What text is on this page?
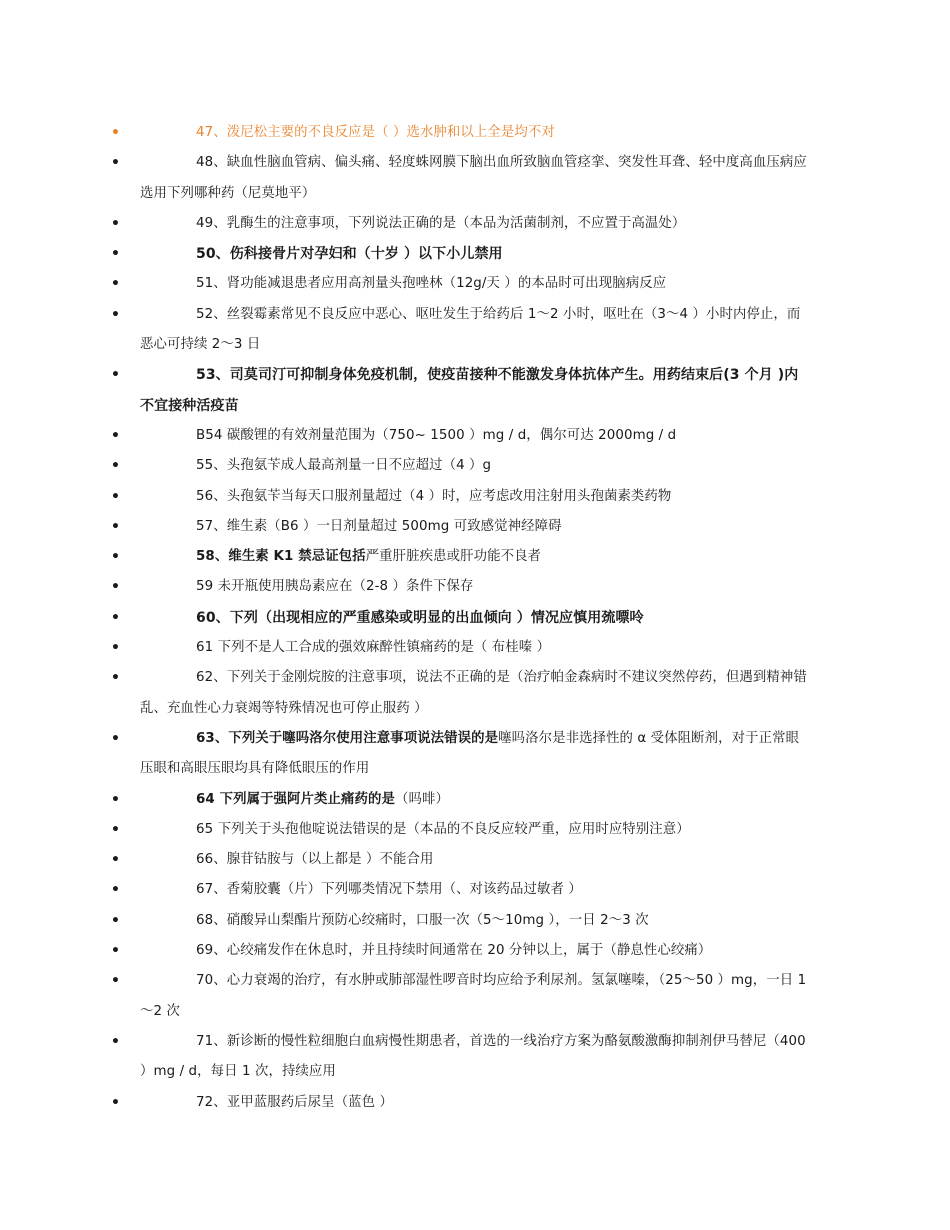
•	47、泼尼松主要的不良反应是（ ）选水肿和以上全是均不对
•	48、缺血性脑血管病、偏头痛、轻度蛛网膜下脑出血所致脑血管痉挛、突发性耳聋、轻中度高血压病应选用下列哪种药（尼莫地平）
•	49、乳酶生的注意事项，下列说法正确的是（本品为活菌制剂，不应置于高温处）
•	50、伤科接骨片对孕妇和（十岁 ）以下小儿禁用
•	51、肾功能减退患者应用高剂量头孢唑林（12g/天 ）的本品时可出现脑病反应
•	52、丝裂霉素常见不良反应中恶心、呕吐发生于给药后 1～2 小时，呕吐在（3～4 ）小时内停止，而恶心可持续 2～3 日
•	53、司莫司汀可抑制身体免疫机制，使疫苗接种不能激发身体抗体产生。用药结束后(3 个月 )内不宜接种活疫苗
•	B54 碳酸锂的有效剂量范围为（750~ 1500 ）mg / d，偶尔可达 2000mg / d
•	55、头孢氨苄成人最高剂量一日不应超过（4 ）g
•	56、头孢氨苄当每天口服剂量超过（4 ）时，应考虑改用注射用头孢菌素类药物
•	57、维生素（B6 ）一日剂量超过 500mg 可致感觉神经障碍
•	58、维生素 K1 禁忌证包括严重肝脏疾患或肝功能不良者
•	59 未开瓶使用胰岛素应在（2-8 ）条件下保存
•	60、下列（出现相应的严重感染或明显的出血倾向 ）情况应慎用巯嘌呤
•	61 下列不是人工合成的强效麻醉性镇痛药的是（ 布桂嗪 ）
•	62、下列关于金刚烷胺的注意事项，说法不正确的是（治疗帕金森病时不建议突然停药，但遇到精神错乱、充血性心力衰竭等特殊情况也可停止服药 ）
•	63、下列关于噻吗洛尔使用注意事项说法错误的是噻吗洛尔是非选择性的 α 受体阻断剂，对于正常眼压眼和高眼压眼均具有降低眼压的作用
•	64 下列属于强阿片类止痛药的是（吗啡）
•	65 下列关于头孢他啶说法错误的是（本品的不良反应较严重，应用时应特别注意）
•	66、腺苷钴胺与（以上都是 ）不能合用
•	67、香菊胶囊（片）下列哪类情况下禁用（、对该药品过敏者 ）
•	68、硝酸异山梨酯片预防心绞痛时，口服一次（5～10mg ），一日 2～3 次
•	69、心绞痛发作在休息时，并且持续时间通常在 20 分钟以上，属于（静息性心绞痛）
•	70、心力衰竭的治疗，有水肿或肺部湿性啰音时均应给予利尿剂。氢氯噻嗪，（25～50 ）mg，一日 1～2 次
•	71、新诊断的慢性粒细胞白血病慢性期患者，首选的一线治疗方案为酪氨酸激酶抑制剂伊马替尼（400 ）mg / d，每日 1 次，持续应用
•	72、亚甲蓝服药后尿呈（蓝色 ）
